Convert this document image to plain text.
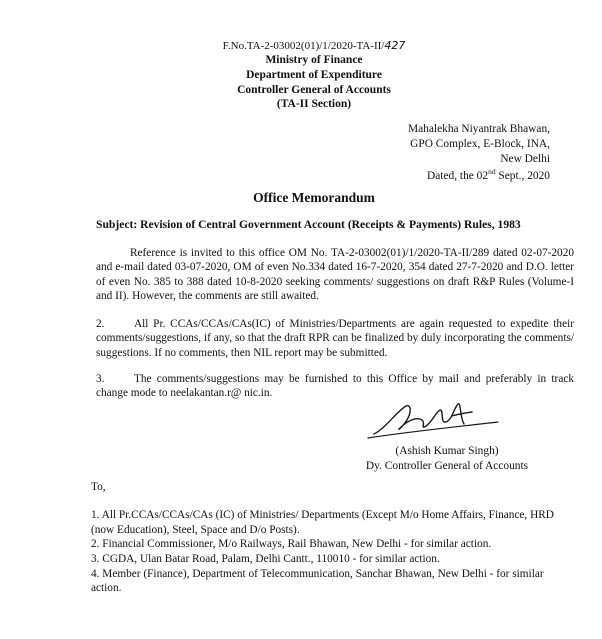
F.No.TA-2-03002(01)/1/2020-TA-II/427
Ministry of Finance
Department of Expenditure
Controller General of Accounts
(TA-II Section)
Mahalekha Niyantrak Bhawan,
GPO Complex, E-Block, INA,
New Delhi
Dated, the 02nd Sept., 2020
Office Memorandum
Subject: Revision of Central Government Account (Receipts & Payments) Rules, 1983
Reference is invited to this office OM No. TA-2-03002(01)/1/2020-TA-II/289 dated 02-07-2020 and e-mail dated 03-07-2020, OM of even No.334 dated 16-7-2020, 354 dated 27-7-2020 and D.O. letter of even No. 385 to 388 dated 10-8-2020 seeking comments/ suggestions on draft R&P Rules (Volume-I and II). However, the comments are still awaited.
2.	All Pr. CCAs/CCAs/CAs(IC) of Ministries/Departments are again requested to expedite their comments/suggestions, if any, so that the draft RPR can be finalized by duly incorporating the comments/ suggestions. If no comments, then NIL report may be submitted.
3.	The comments/suggestions may be furnished to this Office by mail and preferably in track change mode to neelakantan.r@ nic.in.
(Ashish Kumar Singh)
Dy. Controller General of Accounts
To,
1. All Pr.CCAs/CCAs/CAs (IC) of Ministries/ Departments (Except M/o Home Affairs, Finance, HRD (now Education), Steel, Space and D/o Posts).
2. Financial Commissioner, M/o Railways, Rail Bhawan, New Delhi - for similar action.
3. CGDA, Ulan Batar Road, Palam, Delhi Cantt., 110010 - for similar action.
4. Member (Finance), Department of Telecommunication, Sanchar Bhawan, New Delhi - for similar action.
